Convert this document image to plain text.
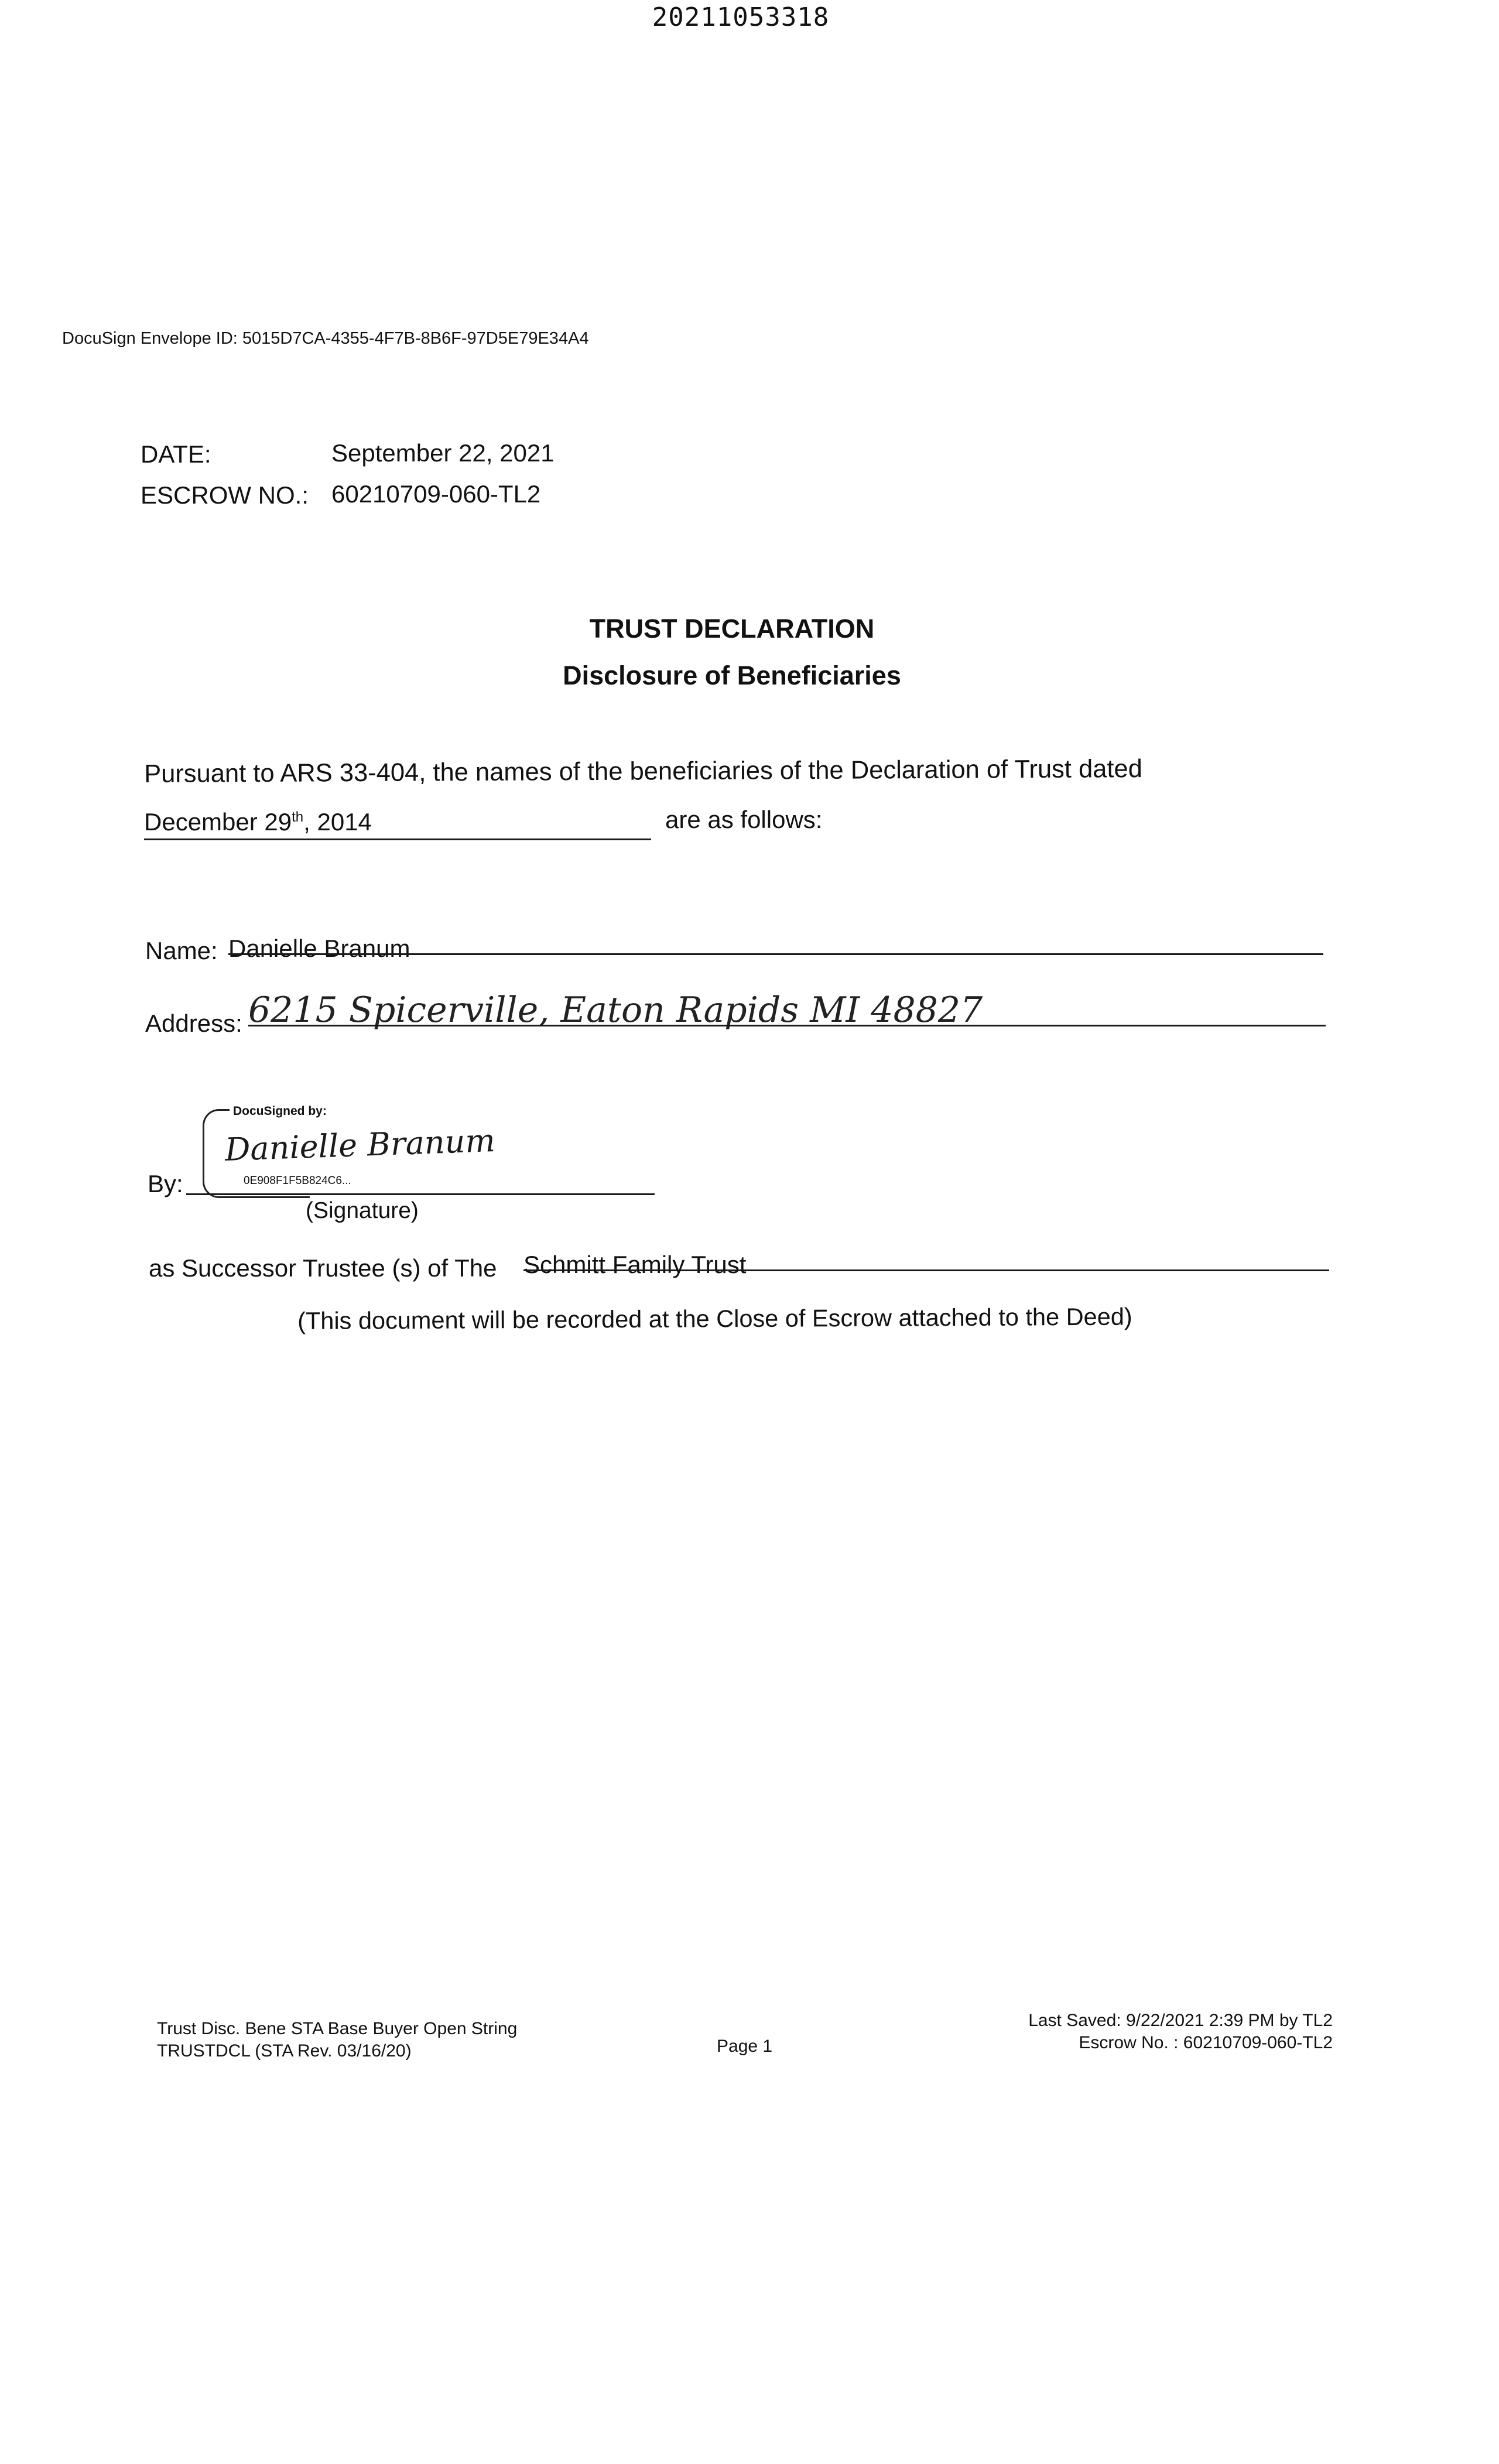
20211053318
DocuSign Envelope ID: 5015D7CA-4355-4F7B-8B6F-97D5E79E34A4
DATE:	September 22, 2021
ESCROW NO.: 60210709-060-TL2
TRUST DECLARATION
Disclosure of Beneficiaries
Pursuant to ARS 33-404, the names of the beneficiaries of the Declaration of Trust dated
December 29th, 2014	are as follows:
Name: Danielle Branum
Address: 6215 Spicerville, Eaton Rapids MI 48827
DocuSigned by:
Danielle Branum
0E908F1F5B824C6...
By:
(Signature)
as Successor Trustee (s) of The Schmitt Family Trust
(This document will be recorded at the Close of Escrow attached to the Deed)
Trust Disc. Bene STA Base Buyer Open String
TRUSTDCL (STA Rev. 03/16/20)	Page 1
Last Saved: 9/22/2021 2:39 PM by TL2
Escrow No. : 60210709-060-TL2
